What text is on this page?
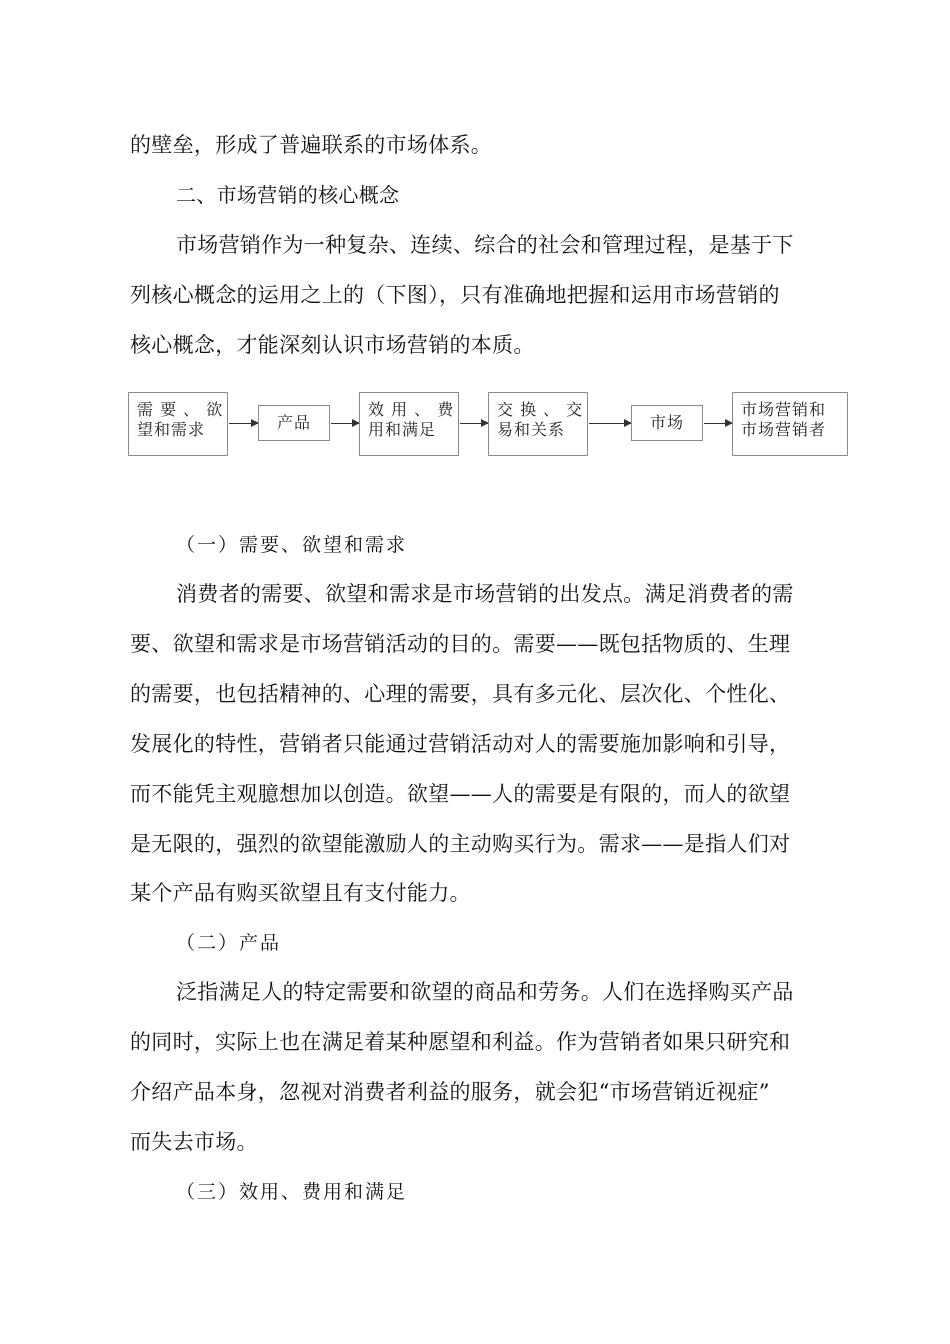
的壁垒，形成了普遍联系的市场体系。
二、市场营销的核心概念
市场营销作为一种复杂、连续、综合的社会和管理过程，是基于下
列核心概念的运用之上的（下图），只有准确地把握和运用市场营销的
核心概念，才能深刻认识市场营销的本质。
需 要 、 欲
望和需求	产品
效 用 、 费
用和满足
交 换 、 交
易和关系	市场
市场营销和
市场营销者
（一）需要、欲望和需求
消费者的需要、欲望和需求是市场营销的出发点。满足消费者的需
要、欲望和需求是市场营销活动的目的。需要——既包括物质的、生理
的需要，也包括精神的、心理的需要，具有多元化、层次化、个性化、
发展化的特性，营销者只能通过营销活动对人的需要施加影响和引导，
而不能凭主观臆想加以创造。欲望——人的需要是有限的，而人的欲望
是无限的，强烈的欲望能激励人的主动购买行为。需求——是指人们对
某个产品有购买欲望且有支付能力。
（二）产品
泛指满足人的特定需要和欲望的商品和劳务。人们在选择购买产品
的同时，实际上也在满足着某种愿望和利益。作为营销者如果只研究和
介绍产品本身，忽视对消费者利益的服务，就会犯“市场营销近视症”
而失去市场。
（三）效用、费用和满足
